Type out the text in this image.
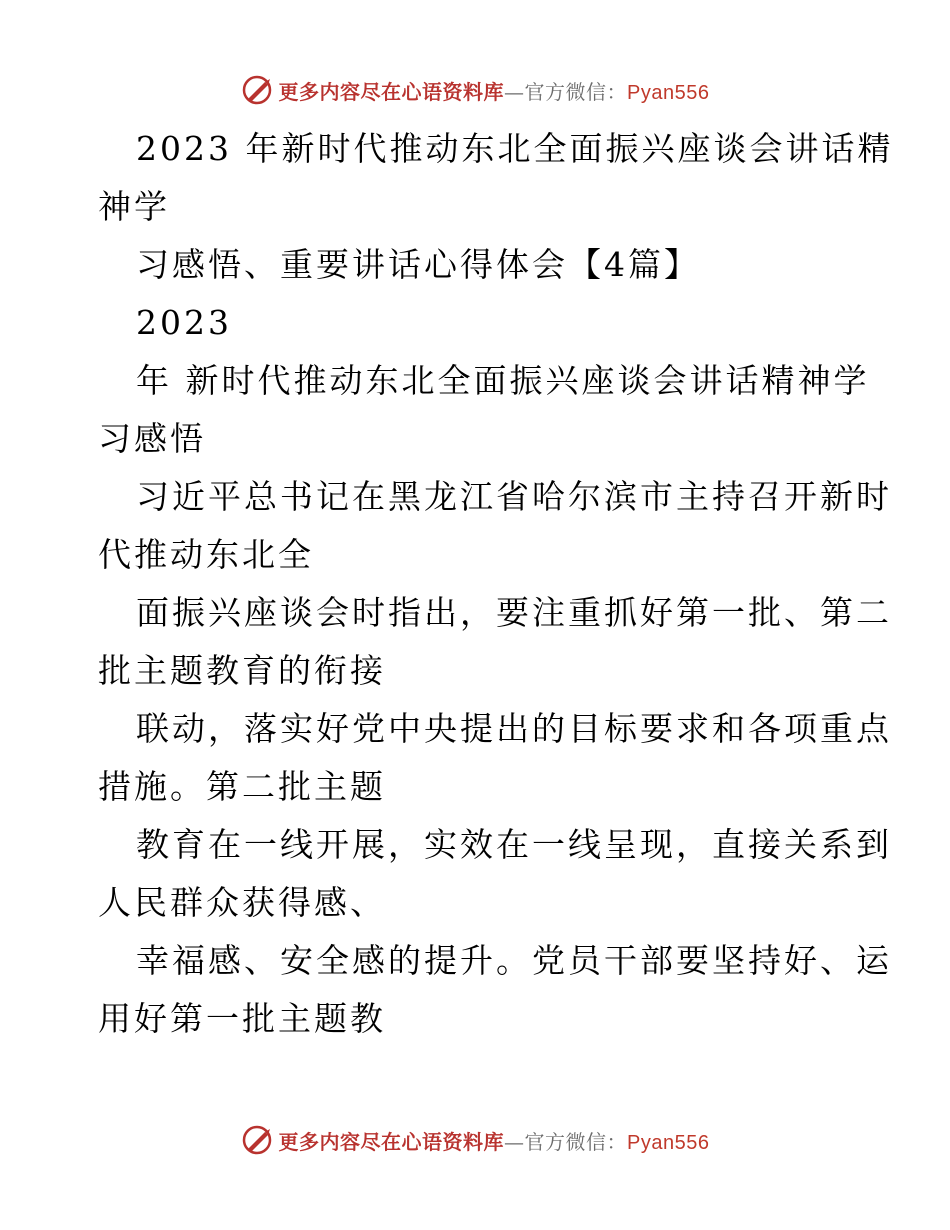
更多内容尽在心语资料库—官方微信：Pyan556
2023 年新时代推动东北全面振兴座谈会讲话精
神学
习感悟、重要讲话心得体会【4篇】
2023
年 新时代推动东北全面振兴座谈会讲话精神学
习感悟
习近平总书记在黑龙江省哈尔滨市主持召开新时
代推动东北全
面振兴座谈会时指出，要注重抓好第一批、第二
批主题教育的衔接
联动，落实好党中央提出的目标要求和各项重点
措施。第二批主题
教育在一线开展，实效在一线呈现，直接关系到
人民群众获得感、
幸福感、安全感的提升。党员干部要坚持好、运
用好第一批主题教
更多内容尽在心语资料库—官方微信：Pyan556
